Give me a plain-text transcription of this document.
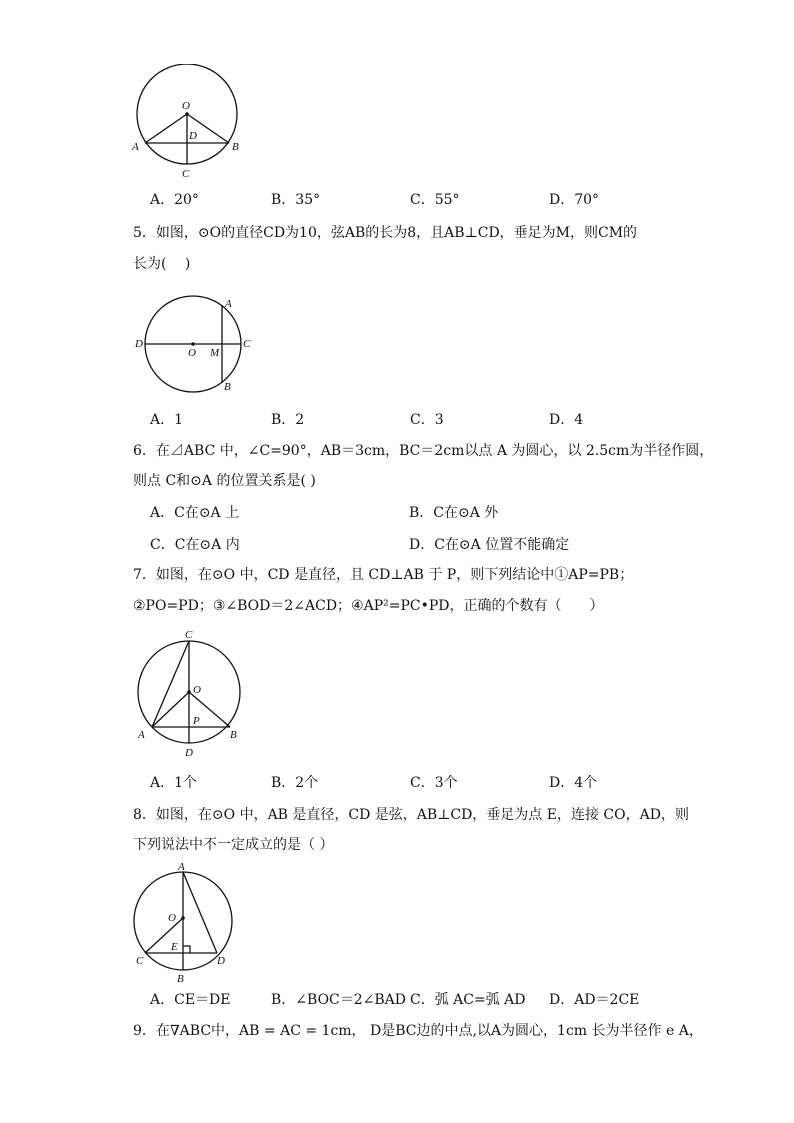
O
D
A	B
C
A．20°	B．35°	C．55°	D．70°
5．如图，⊙O的直径CD为10，弦AB的长为8，且AB⊥CD，垂足为M，则CM的
长为(　 )
A
B
C
D
O M
A．1	B．2	C．3	D．4
6．在⊿ABC 中，∠C=90°，AB＝3cm，BC＝2cm以点 A 为圆心，以 2.5cm为半径作圆，
则点 C和⊙A 的位置关系是( )
A．C在⊙A 上	B．C在⊙A 外
C．C在⊙A 内	D．C在⊙A 位置不能确定
7．如图，在⊙O 中，CD 是直径，且 CD⊥AB 于 P，则下列结论中①AP=PB；
②PO=PD；③∠BOD＝2∠ACD；④AP²=PC•PD，正确的个数有（　　）
C
O
P
A	B
D
A．1个	B．2个	C．3个	D．4个
8．如图，在⊙O 中，AB 是直径，CD 是弦，AB⊥CD，垂足为点 E，连接 CO，AD，则
下列说法中不一定成立的是（ ）
A
O
E
C	D
B
A．CE＝DE	B．∠BOC＝2∠BAD C．弧 AC=弧 AD D．AD＝2CE
9．在∇ABC中，AB = AC = 1cm， D是BC边的中点,以A为圆心，1cm 长为半径作 e A，
